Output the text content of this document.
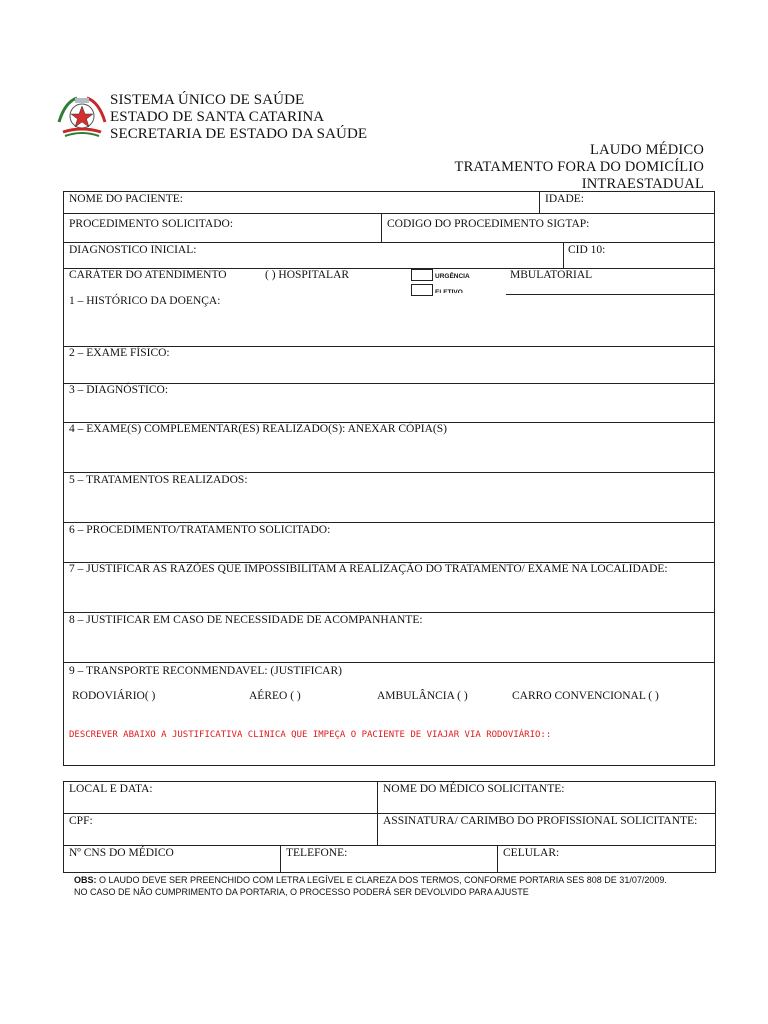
SISTEMA ÚNICO DE SAÚDE
ESTADO DE SANTA CATARINA
SECRETARIA DE ESTADO DA SAÚDE
LAUDO MÉDICO
TRATAMENTO FORA DO DOMICÍLIO
INTRAESTADUAL
NOME DO PACIENTE:	IDADE:
PROCEDIMENTO SOLICITADO:	CODIGO DO PROCEDIMENTO SIGTAP:
DIAGNOSTICO INICIAL:	CID 10:
CARÁTER DO ATENDIMENTO	( ) HOSPITALAR	URGÊNCIA
ELETIVO
MBULATORIAL
1 – HISTÓRICO DA DOENÇA:
2 – EXAME FÍSICO:
3 – DIAGNÓSTICO:
4 – EXAME(S) COMPLEMENTAR(ES) REALIZADO(S): ANEXAR CÓPIA(S)
5 – TRATAMENTOS REALIZADOS:
6 – PROCEDIMENTO/TRATAMENTO SOLICITADO:
7 – JUSTIFICAR AS RAZÕES QUE IMPOSSIBILITAM A REALIZAÇÃO DO TRATAMENTO/ EXAME NA LOCALIDADE:
8 – JUSTIFICAR EM CASO DE NECESSIDADE DE ACOMPANHANTE:
9 – TRANSPORTE RECONMENDAVEL: (JUSTIFICAR)
RODOVIÁRIO( )	AÉREO ( )	AMBULÂNCIA ( )	CARRO CONVENCIONAL ( )
DESCREVER ABAIXO A JUSTIFICATIVA CLINICA QUE IMPEÇA O PACIENTE DE VIAJAR VIA RODOVIÁRIO::
LOCAL E DATA:	NOME DO MÉDICO SOLICITANTE:
CPF:	ASSINATURA/ CARIMBO DO PROFISSIONAL SOLICITANTE:
Nº CNS DO MÉDICO	TELEFONE:	CELULAR:
OBS: O LAUDO DEVE SER PREENCHIDO COM LETRA LEGÍVEL E CLAREZA DOS TERMOS, CONFORME PORTARIA SES 808 DE 31/07/2009.
NO CASO DE NÃO CUMPRIMENTO DA PORTARIA, O PROCESSO PODERÁ SER DEVOLVIDO PARA AJUSTE
